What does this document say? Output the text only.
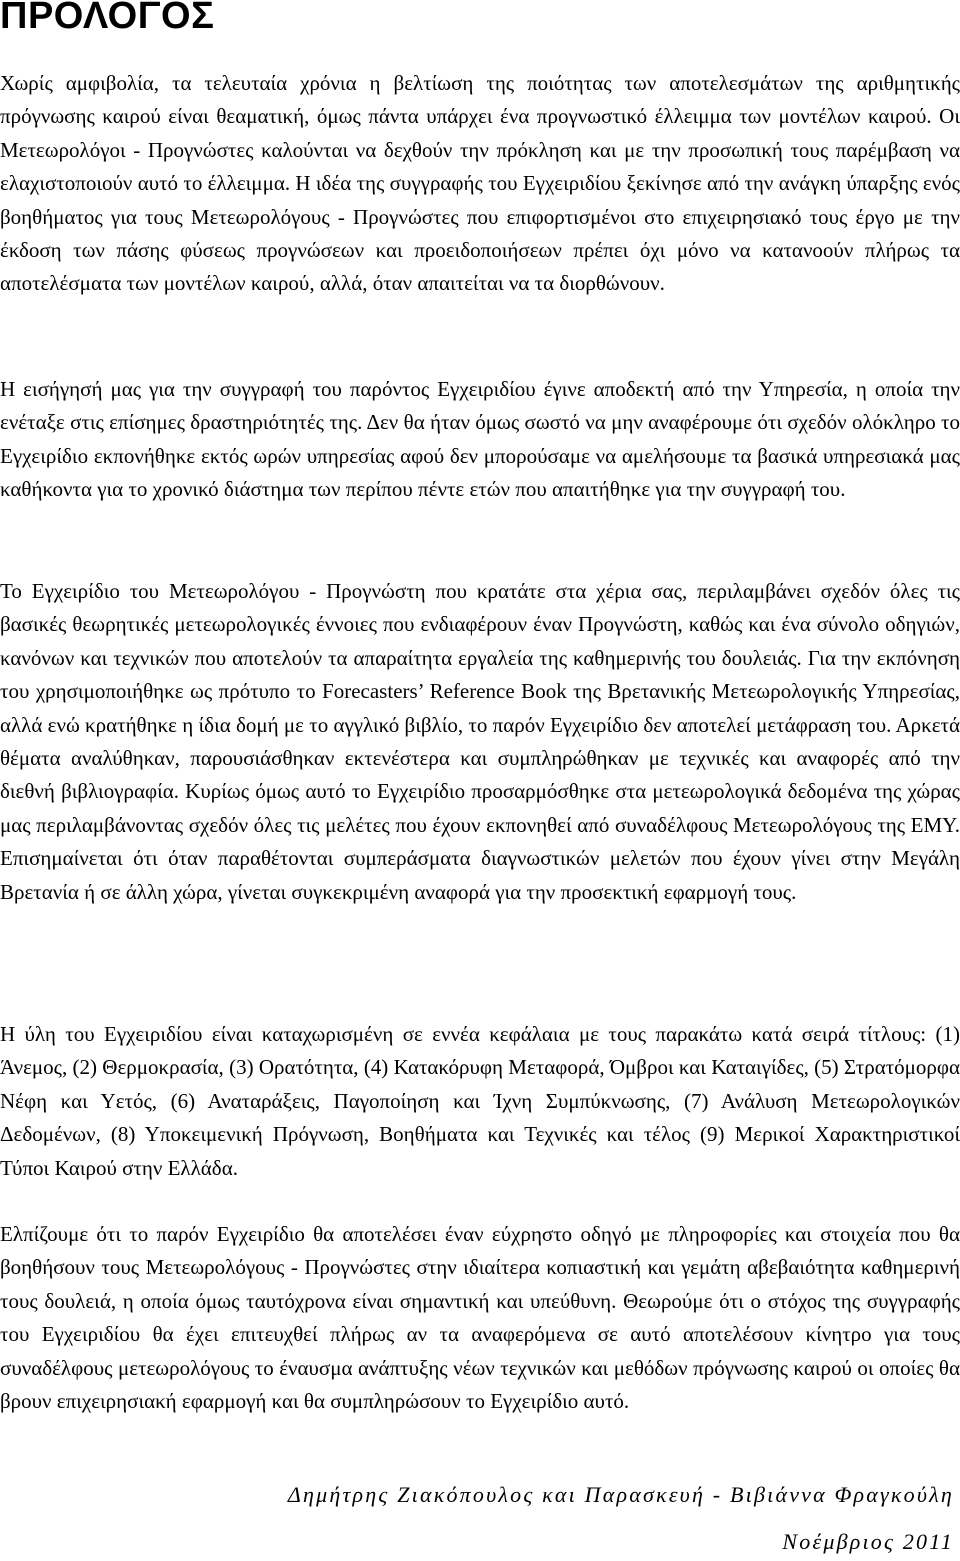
ΠΡΟΛΟΓΟΣ

Χωρίς αμφιβολία, τα τελευταία χρόνια η βελτίωση της ποιότητας των αποτελεσμάτων της αριθμητικής πρόγνωσης καιρού είναι θεαματική, όμως πάντα υπάρχει ένα προγνωστικό έλλειμμα των μοντέλων καιρού. Οι Μετεωρολόγοι - Προγνώστες καλούνται να δεχθούν την πρόκληση και με την προσωπική τους παρέμβαση να ελαχιστοποιούν αυτό το έλλειμμα. Η ιδέα της συγγραφής του Εγχειριδίου ξεκίνησε από την ανάγκη ύπαρξης ενός βοηθήματος για τους Μετεωρολόγους - Προγνώστες που επιφορτισμένοι στο επιχειρησιακό τους έργο με την έκδοση των πάσης φύσεως προγνώσεων και προειδοποιήσεων πρέπει όχι μόνο να κατανοούν πλήρως τα αποτελέσματα των μοντέλων καιρού, αλλά, όταν απαιτείται να τα διορθώνουν.

Η εισήγησή μας για την συγγραφή του παρόντος Εγχειριδίου έγινε αποδεκτή από την Υπηρεσία, η οποία την ενέταξε στις επίσημες δραστηριότητές της. Δεν θα ήταν όμως σωστό να μην αναφέρουμε ότι σχεδόν ολόκληρο το Εγχειρίδιο εκπονήθηκε εκτός ωρών υπηρεσίας αφού δεν μπορούσαμε να αμελήσουμε τα βασικά υπηρεσιακά μας καθήκοντα για το χρονικό διάστημα των περίπου πέντε ετών που απαιτήθηκε για την συγγραφή του.

Το Εγχειρίδιο του Μετεωρολόγου - Προγνώστη που κρατάτε στα χέρια σας, περιλαμβάνει σχεδόν όλες τις βασικές θεωρητικές μετεωρολογικές έννοιες που ενδιαφέρουν έναν Προγνώστη, καθώς και ένα σύνολο οδηγιών, κανόνων και τεχνικών που αποτελούν τα απαραίτητα εργαλεία της καθημερινής του δουλειάς. Για την εκπόνηση του χρησιμοποιήθηκε ως πρότυπο το Forecasters’ Reference Book της Βρετανικής Μετεωρολογικής Υπηρεσίας, αλλά ενώ κρατήθηκε η ίδια δομή με το αγγλικό βιβλίο, το παρόν Εγχειρίδιο δεν αποτελεί μετάφραση του. Αρκετά θέματα αναλύθηκαν, παρουσιάσθηκαν εκτενέστερα και συμπληρώθηκαν με τεχνικές και αναφορές από την διεθνή βιβλιογραφία. Κυρίως όμως αυτό το Εγχειρίδιο προσαρμόσθηκε στα μετεωρολογικά δεδομένα της χώρας μας περιλαμβάνοντας σχεδόν όλες τις μελέτες που έχουν εκπονηθεί από συναδέλφους Μετεωρολόγους της ΕΜΥ. Επισημαίνεται ότι όταν παραθέτονται συμπεράσματα διαγνωστικών μελετών που έχουν γίνει στην Μεγάλη Βρετανία ή σε άλλη χώρα, γίνεται συγκεκριμένη αναφορά για την προσεκτική εφαρμογή τους.

Η ύλη του Εγχειριδίου είναι καταχωρισμένη σε εννέα κεφάλαια με τους παρακάτω κατά σειρά τίτλους: (1) Άνεμος, (2) Θερμοκρασία, (3) Ορατότητα, (4) Κατακόρυφη Μεταφορά, Όμβροι και Καταιγίδες, (5) Στρατόμορφα Νέφη και Υετός, (6) Αναταράξεις, Παγοποίηση και Ίχνη Συμπύκνωσης, (7) Ανάλυση Μετεωρολογικών Δεδομένων, (8) Υποκειμενική Πρόγνωση, Βοηθήματα και Τεχνικές και τέλος (9) Μερικοί Χαρακτηριστικοί Τύποι Καιρού στην Ελλάδα.

Ελπίζουμε ότι το παρόν Εγχειρίδιο θα αποτελέσει έναν εύχρηστο οδηγό με πληροφορίες και στοιχεία που θα βοηθήσουν τους Μετεωρολόγους - Προγνώστες στην ιδιαίτερα κοπιαστική και γεμάτη αβεβαιότητα καθημερινή τους δουλειά, η οποία όμως ταυτόχρονα είναι σημαντική και υπεύθυνη. Θεωρούμε ότι ο στόχος της συγγραφής του Εγχειριδίου θα έχει επιτευχθεί πλήρως αν τα αναφερόμενα σε αυτό αποτελέσουν κίνητρο για τους συναδέλφους μετεωρολόγους το έναυσμα ανάπτυξης νέων τεχνικών και μεθόδων πρόγνωσης καιρού οι οποίες θα βρουν επιχειρησιακή εφαρμογή και θα συμπληρώσουν το Εγχειρίδιο αυτό.

Δημήτρης Ζιακόπουλος και Παρασκευή - Βιβιάννα Φραγκούλη

Νοέμβριος 2011
